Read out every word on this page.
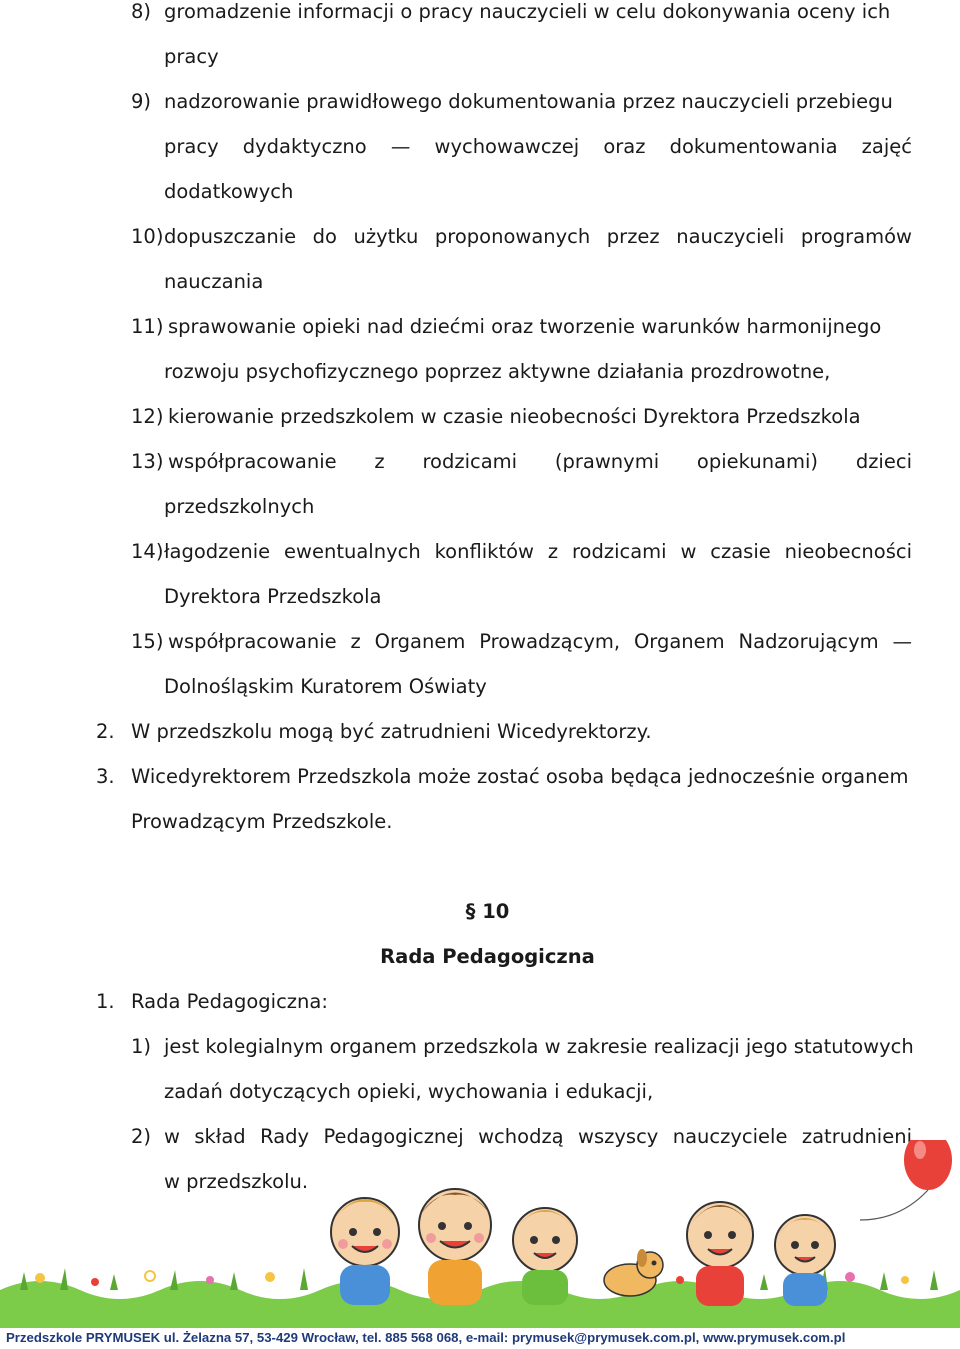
8) gromadzenie informacji o pracy nauczycieli w celu dokonywania oceny ich
pracy
9) nadzorowanie prawidłowego dokumentowania przez nauczycieli przebiegu
pracy dydaktyczno — wychowawczej oraz dokumentowania zajęć
dodatkowych
10) dopuszczanie do użytku proponowanych przez nauczycieli programów
nauczania
11) sprawowanie opieki nad dziećmi oraz tworzenie warunków harmonijnego
rozwoju psychofizycznego poprzez aktywne działania prozdrowotne,
12) kierowanie przedszkolem w czasie nieobecności Dyrektora Przedszkola
13) współpracowanie z rodzicami (prawnymi opiekunami) dzieci
przedszkolnych
14) łagodzenie ewentualnych konfliktów z rodzicami w czasie nieobecności
Dyrektora Przedszkola
15) współpracowanie z Organem Prowadzącym, Organem Nadzorującym —
Dolnośląskim Kuratorem Oświaty
2. W przedszkolu mogą być zatrudnieni Wicedyrektorzy.
3. Wicedyrektorem Przedszkola może zostać osoba będąca jednocześnie organem
Prowadzącym Przedszkole.
§ 10
Rada Pedagogiczna
1. Rada Pedagogiczna:
1) jest kolegialnym organem przedszkola w zakresie realizacji jego statutowych
zadań dotyczących opieki, wychowania i edukacji,
2) w skład Rady Pedagogicznej wchodzą wszyscy nauczyciele zatrudnieni
w przedszkolu.
Przedszkole PRYMUSEK ul. Żelazna 57, 53-429 Wrocław, tel. 885 568 068, e-mail: prymusek@prymusek.com.pl, www.prymusek.com.pl
